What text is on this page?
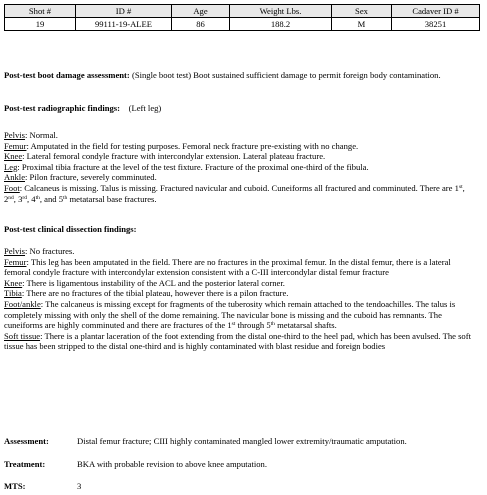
Shot #	ID #	Age	Weight Lbs.	Sex	Cadaver ID #
19	99111-19-ALEE	86	188.2	M	38251

Post-test boot damage assessment: (Single boot test) Boot sustained sufficient damage to permit foreign body contamination.

Post-test radiographic findings: (Left leg)

Pelvis: Normal.
Femur: Amputated in the field for testing purposes. Femoral neck fracture pre-existing with no change.
Knee: Lateral femoral condyle fracture with intercondylar extension. Lateral plateau fracture.
Leg: Proximal tibia fracture at the level of the test fixture. Fracture of the proximal one-third of the fibula.
Ankle: Pilon fracture, severely comminuted.
Foot: Calcaneus is missing. Talus is missing. Fractured navicular and cuboid. Cuneiforms all fractured and comminuted. There are 1st, 2nd, 3rd, 4th, and 5th metatarsal base fractures.

Post-test clinical dissection findings:

Pelvis: No fractures.
Femur: This leg has been amputated in the field. There are no fractures in the proximal femur. In the distal femur, there is a lateral femoral condyle fracture with intercondylar extension consistent with a C-III intercondylar distal femur fracture
Knee: There is ligamentous instability of the ACL and the posterior lateral corner.
Tibia: There are no fractures of the tibial plateau, however there is a pilon fracture.
Foot/ankle: The calcaneus is missing except for fragments of the tuberosity which remain attached to the tendoachilles. The talus is completely missing with only the shell of the dome remaining. The navicular bone is missing and the cuboid has remnants. The cuneiforms are highly comminuted and there are fractures of the 1st through 5th metatarsal shafts.
Soft tissue: There is a plantar laceration of the foot extending from the distal one-third to the heel pad, which has been avulsed. The soft tissue has been stripped to the distal one-third and is highly contaminated with blast residue and foreign bodies
Assessment:	Distal femur fracture; CIII highly contaminated mangled lower extremity/traumatic amputation.
Treatment:	BKA with probable revision to above knee amputation.
MTS:	3
